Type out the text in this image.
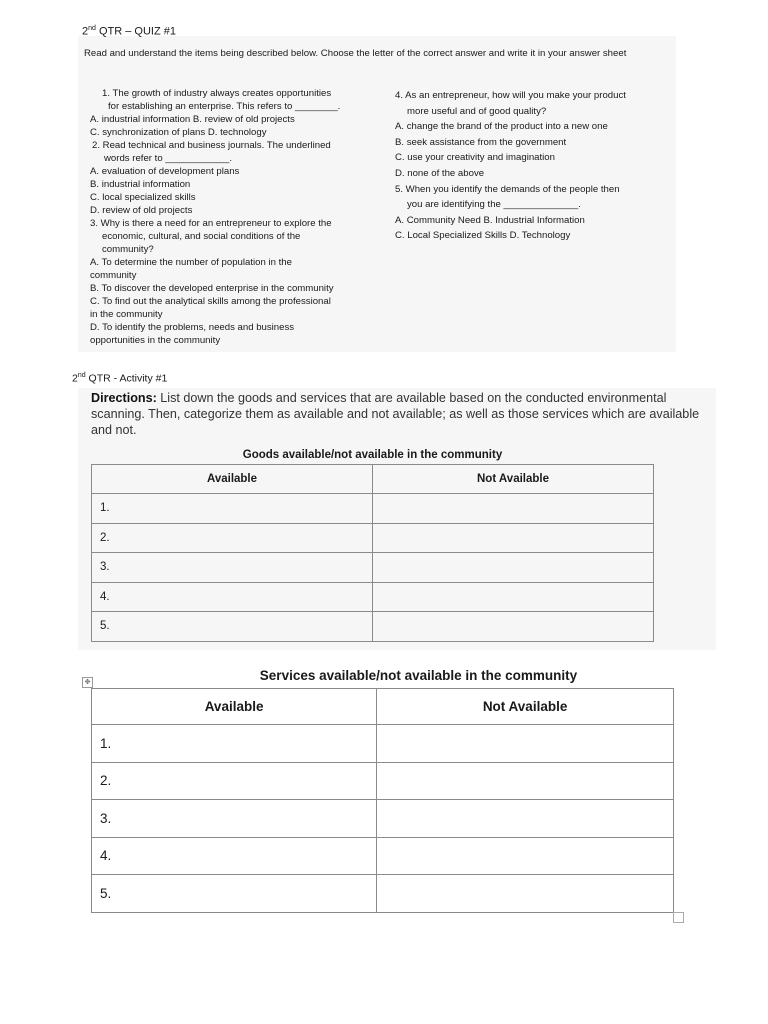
2nd QTR – QUIZ #1
Read and understand the items being described below. Choose the letter of the correct answer and write it in your answer sheet
1. The growth of industry always creates opportunities
for establishing an enterprise. This refers to ________.
A. industrial information B. review of old projects
C. synchronization of plans D. technology
2. Read technical and business journals. The underlined
words refer to ____________.
A. evaluation of development plans
B. industrial information
C. local specialized skills
D. review of old projects
3. Why is there a need for an entrepreneur to explore the
economic, cultural, and social conditions of the
community?
A. To determine the number of population in the
community
B. To discover the developed enterprise in the community
C. To find out the analytical skills among the professional
in the community
D. To identify the problems, needs and business
opportunities in the community
4. As an entrepreneur, how will you make your product
more useful and of good quality?
A. change the brand of the product into a new one
B. seek assistance from the government
C. use your creativity and imagination
D. none of the above
5. When you identify the demands of the people then
you are identifying the ______________.
A. Community Need B. Industrial Information
C. Local Specialized Skills D. Technology
2nd QTR - Activity #1
Directions: List down the goods and services that are available based on the conducted environmental scanning. Then, categorize them as available and not available; as well as those services which are available and not.
Goods available/not available in the community
Available	Not Available
1.	
2.	
3.	
4.	
5.	
✥	Services available/not available in the community
Available	Not Available
1.	
2.	
3.	
4.	
5.	
